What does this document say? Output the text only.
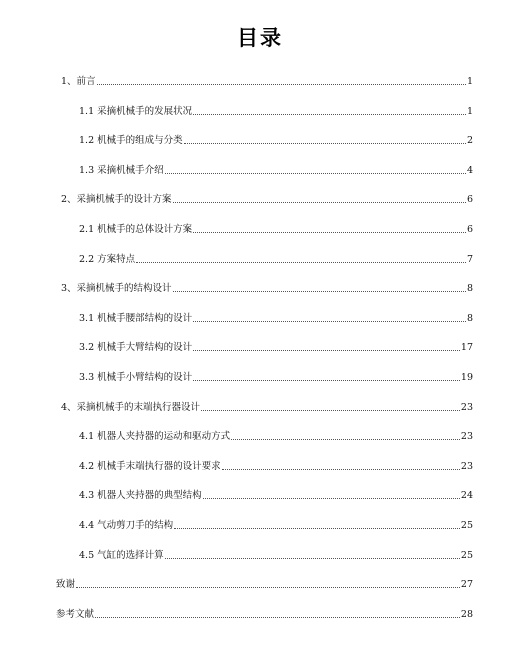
目录
1、前言	1
1.1 采摘机械手的发展状况	1
1.2 机械手的组成与分类	2
1.3 采摘机械手介绍	4
2、采摘机械手的设计方案	6
2.1 机械手的总体设计方案	6
2.2 方案特点	7
3、采摘机械手的结构设计	8
3.1 机械手腰部结构的设计	8
3.2 机械手大臂结构的设计	17
3.3 机械手小臂结构的设计	19
4、采摘机械手的末端执行器设计	23
4.1 机器人夹持器的运动和驱动方式	23
4.2 机械手末端执行器的设计要求	23
4.3 机器人夹持器的典型结构	24
4.4 气动剪刀手的结构	25
4.5 气缸的选择计算	25
致谢	27
参考文献	28
